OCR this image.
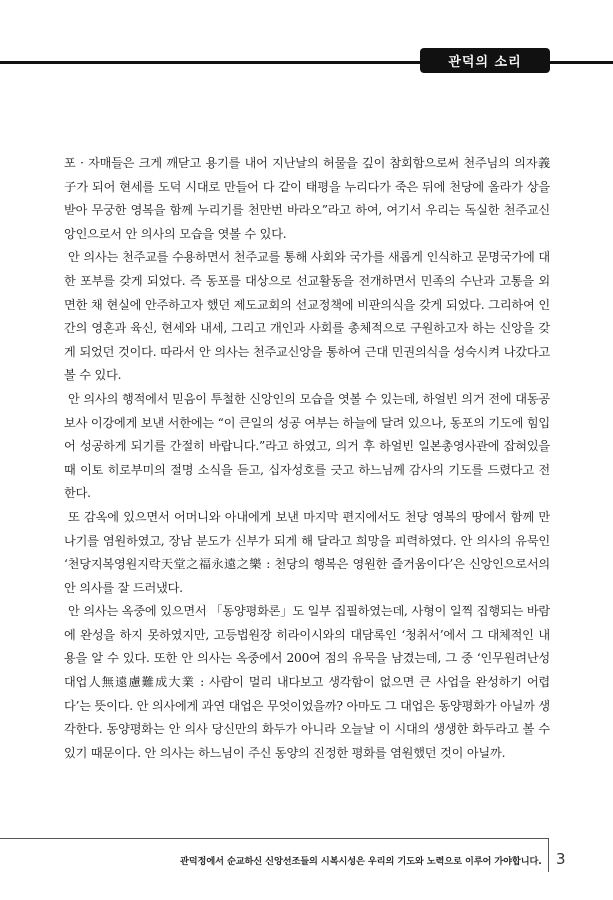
관덕의 소리

포 · 자매들은 크게 깨닫고 용기를 내어 지난날의 허물을 깊이 참회함으로써 천주님의 의자義子가 되어 현세를 도덕 시대로 만들어 다 같이 태평을 누리다가 죽은 뒤에 천당에 올라가 상을 받아 무궁한 영복을 함께 누리기를 천만번 바라오”라고 하여, 여기서 우리는 독실한 천주교신앙인으로서 안 의사의 모습을 엿볼 수 있다.

안 의사는 천주교를 수용하면서 천주교를 통해 사회와 국가를 새롭게 인식하고 문명국가에 대한 포부를 갖게 되었다. 즉 동포를 대상으로 선교활동을 전개하면서 민족의 수난과 고통을 외면한 채 현실에 안주하고자 했던 제도교회의 선교정책에 비판의식을 갖게 되었다. 그리하여 인간의 영혼과 육신, 현세와 내세, 그리고 개인과 사회를 총체적으로 구원하고자 하는 신앙을 갖게 되었던 것이다. 따라서 안 의사는 천주교신앙을 통하여 근대 민권의식을 성숙시켜 나갔다고 볼 수 있다.

안 의사의 행적에서 믿음이 투철한 신앙인의 모습을 엿볼 수 있는데, 하얼빈 의거 전에 대동공보사 이강에게 보낸 서한에는 “이 큰일의 성공 여부는 하늘에 달려 있으나, 동포의 기도에 힘입어 성공하게 되기를 간절히 바랍니다.”라고 하였고, 의거 후 하얼빈 일본총영사관에 잡혀있을 때 이토 히로부미의 절명 소식을 듣고, 십자성호를 긋고 하느님께 감사의 기도를 드렸다고 전한다.

또 감옥에 있으면서 어머니와 아내에게 보낸 마지막 편지에서도 천당 영복의 땅에서 함께 만나기를 염원하였고, 장남 분도가 신부가 되게 해 달라고 희망을 피력하였다. 안 의사의 유묵인 ‘천당지복영원지락天堂之福永遠之樂 : 천당의 행복은 영원한 즐거움이다’은 신앙인으로서의 안 의사를 잘 드러냈다.

안 의사는 옥중에 있으면서 「동양평화론」도 일부 집필하였는데, 사형이 일찍 집행되는 바람에 완성을 하지 못하였지만, 고등법원장 히라이시와의 대담록인 ‘청취서’에서 그 대체적인 내용을 알 수 있다. 또한 안 의사는 옥중에서 200여 점의 유묵을 남겼는데, 그 중 ‘인무원려난성대업人無遠慮難成大業 : 사람이 멀리 내다보고 생각함이 없으면 큰 사업을 완성하기 어렵다’는 뜻이다. 안 의사에게 과연 대업은 무엇이었을까? 아마도 그 대업은 동양평화가 아닐까 생각한다. 동양평화는 안 의사 당신만의 화두가 아니라 오늘날 이 시대의 생생한 화두라고 볼 수 있기 때문이다. 안 의사는 하느님이 주신 동양의 진정한 평화를 염원했던 것이 아닐까.

관덕정에서 순교하신 신앙선조들의 시복시성은 우리의 기도와 노력으로 이루어 가야합니다. 3
